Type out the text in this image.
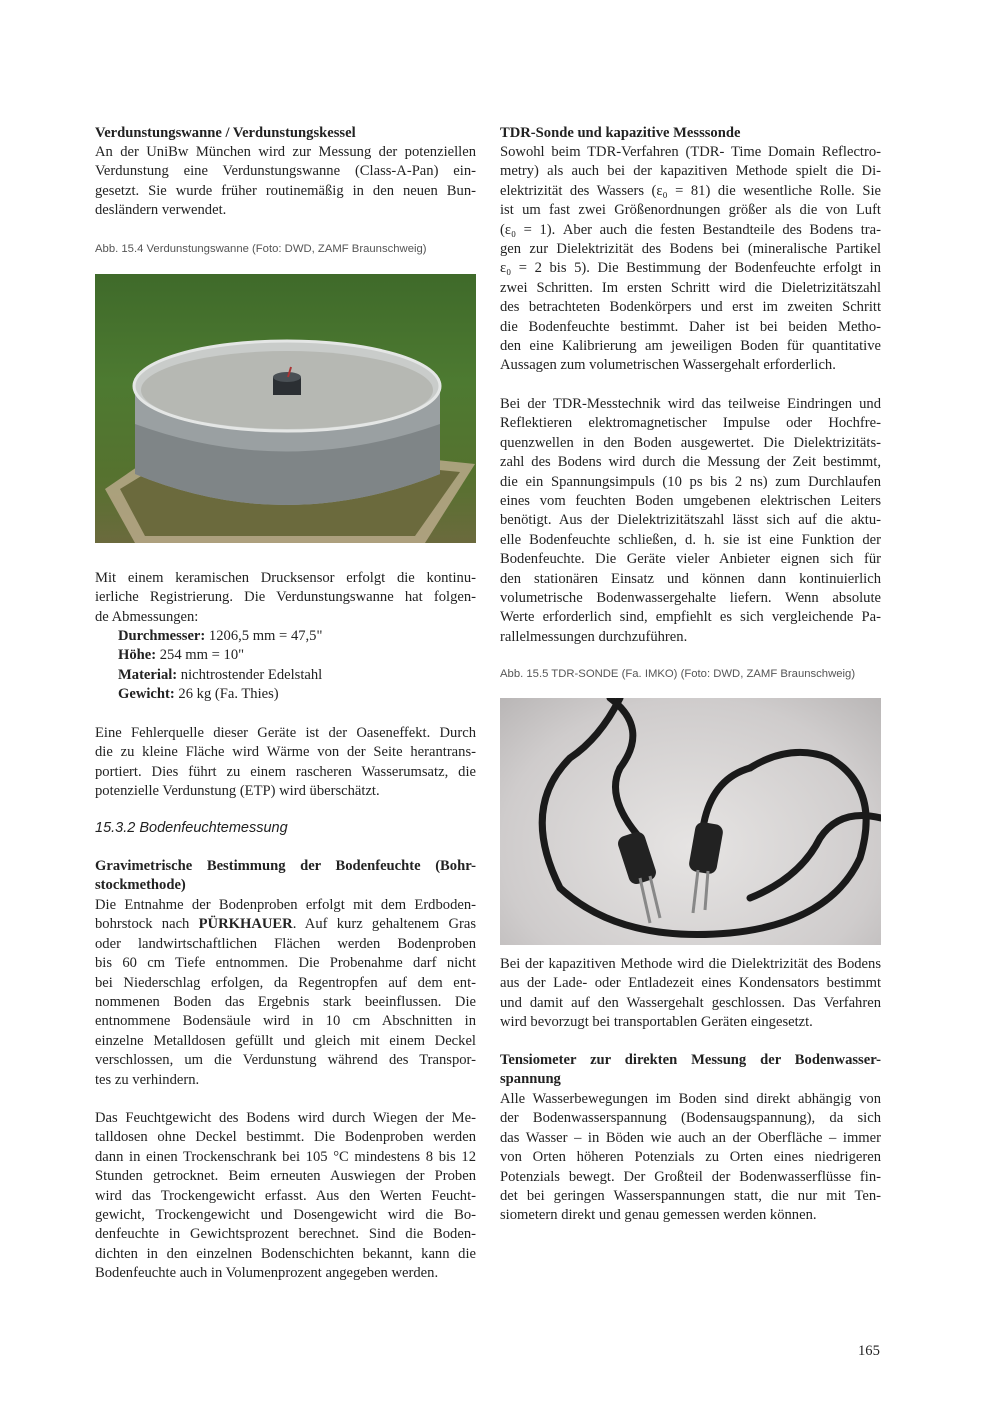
Verdunstungswanne / Verdunstungskessel
An der UniBw München wird zur Messung der potenziellen
Verdunstung eine Verdunstungswanne (Class-A-Pan) ein-
gesetzt. Sie wurde früher routinemäßig in den neuen Bun-
desländern verwendet.
Abb. 15.4 Verdunstungswanne (Foto: DWD, ZAMF Braunschweig)
Mit einem keramischen Drucksensor erfolgt die kontinu-
ierliche Registrierung. Die Verdunstungswanne hat folgen-
de Abmessungen:
Durchmesser: 1206,5 mm = 47,5"
Höhe: 254 mm = 10"
Material: nichtrostender Edelstahl
Gewicht: 26 kg (Fa. Thies)
Eine Fehlerquelle dieser Geräte ist der Oaseneffekt. Durch
die zu kleine Fläche wird Wärme von der Seite herantrans-
portiert. Dies führt zu einem rascheren Wasserumsatz, die
potenzielle Verdunstung (ETP) wird überschätzt.
15.3.2 Bodenfeuchtemessung
Gravimetrische Bestimmung der Bodenfeuchte (Bohr-
stockmethode)
Die Entnahme der Bodenproben erfolgt mit dem Erdboden-
bohrstock nach PÜRKHAUER. Auf kurz gehaltenem Gras
oder landwirtschaftlichen Flächen werden Bodenproben
bis 60 cm Tiefe entnommen. Die Probenahme darf nicht
bei Niederschlag erfolgen, da Regentropfen auf dem ent-
nommenen Boden das Ergebnis stark beeinflussen. Die
entnommene Bodensäule wird in 10 cm Abschnitten in
einzelne Metalldosen gefüllt und gleich mit einem Deckel
verschlossen, um die Verdunstung während des Transpor-
tes zu verhindern.
Das Feuchtgewicht des Bodens wird durch Wiegen der Me-
talldosen ohne Deckel bestimmt. Die Bodenproben werden
dann in einen Trockenschrank bei 105 °C mindestens 8 bis 12
Stunden getrocknet. Beim erneuten Auswiegen der Proben
wird das Trockengewicht erfasst. Aus den Werten Feucht-
gewicht, Trockengewicht und Dosengewicht wird die Bo-
denfeuchte in Gewichtsprozent berechnet. Sind die Boden-
dichten in den einzelnen Bodenschichten bekannt, kann die
Bodenfeuchte auch in Volumenprozent angegeben werden.
TDR-Sonde und kapazitive Messsonde
Sowohl beim TDR-Verfahren (TDR- Time Domain Reflectro-
metry) als auch bei der kapazitiven Methode spielt die Di-
elektrizität des Wassers (ε₀ = 81) die wesentliche Rolle. Sie
ist um fast zwei Größenordnungen größer als die von Luft
(ε₀ = 1). Aber auch die festen Bestandteile des Bodens tra-
gen zur Dielektrizität des Bodens bei (mineralische Partikel
ε₀ = 2 bis 5). Die Bestimmung der Bodenfeuchte erfolgt in
zwei Schritten. Im ersten Schritt wird die Dieletrizitätszahl
des betrachteten Bodenkörpers und erst im zweiten Schritt
die Bodenfeuchte bestimmt. Daher ist bei beiden Metho-
den eine Kalibrierung am jeweiligen Boden für quantitative
Aussagen zum volumetrischen Wassergehalt erforderlich.
Bei der TDR-Messtechnik wird das teilweise Eindringen und
Reflektieren elektromagnetischer Impulse oder Hochfre-
quenzwellen in den Boden ausgewertet. Die Dielektrizitäts-
zahl des Bodens wird durch die Messung der Zeit bestimmt,
die ein Spannungsimpuls (10 ps bis 2 ns) zum Durchlaufen
eines vom feuchten Boden umgebenen elektrischen Leiters
benötigt. Aus der Dielektrizitätszahl lässt sich auf die aktu-
elle Bodenfeuchte schließen, d. h. sie ist eine Funktion der
Bodenfeuchte. Die Geräte vieler Anbieter eignen sich für
den stationären Einsatz und können dann kontinuierlich
volumetrische Bodenwassergehalte liefern. Wenn absolute
Werte erforderlich sind, empfiehlt es sich vergleichende Pa-
rallelmessungen durchzuführen.
Abb. 15.5 TDR-SONDE (Fa. IMKO) (Foto: DWD, ZAMF Braunschweig)
Bei der kapazitiven Methode wird die Dielektrizität des Bodens
aus der Lade- oder Entladezeit eines Kondensators bestimmt
und damit auf den Wassergehalt geschlossen. Das Verfahren
wird bevorzugt bei transportablen Geräten eingesetzt.
Tensiometer zur direkten Messung der Bodenwasser-
spannung
Alle Wasserbewegungen im Boden sind direkt abhängig von
der Bodenwasserspannung (Bodensaugspannung), da sich
das Wasser – in Böden wie auch an der Oberfläche – immer
von Orten höheren Potenzials zu Orten eines niedrigeren
Potenzials bewegt. Der Großteil der Bodenwasserflüsse fin-
det bei geringen Wasserspannungen statt, die nur mit Ten-
siometern direkt und genau gemessen werden können.
165
